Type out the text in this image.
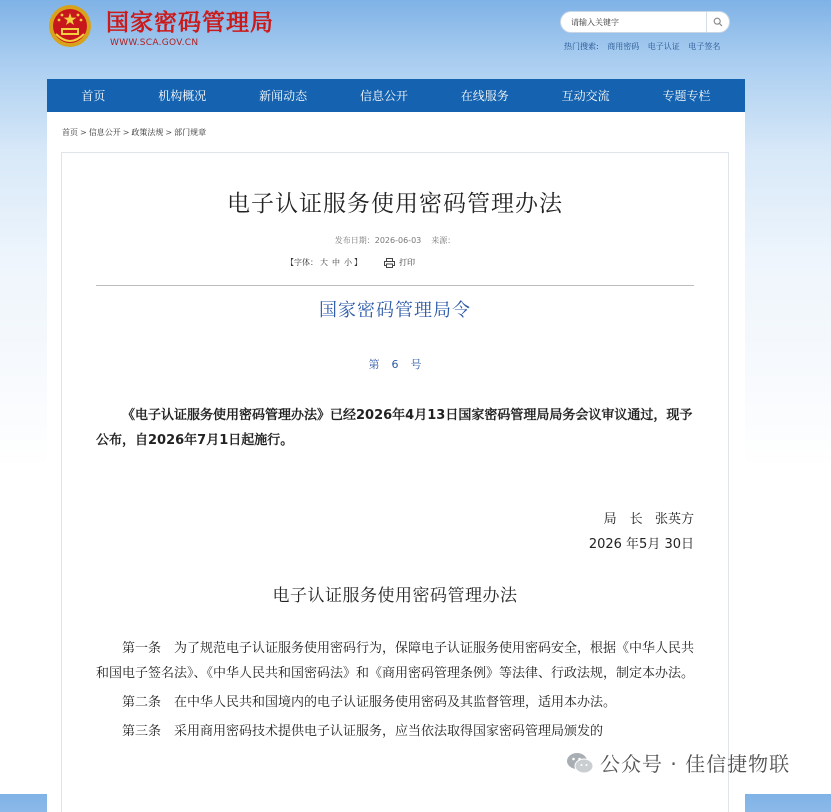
国家密码管理局
WWW.SCA.GOV.CN
请输入关键字	热门搜索: 商用密码 电子认证 电子签名
首页	机构概况	新闻动态	信息公开	在线服务	互动交流	专题专栏
首页 > 信息公开 > 政策法规 > 部门规章
电子认证服务使用密码管理办法
发布日期：2026-06-03 来源：
【字体： 大 中 小 】	打印
国家密码管理局令
第 6 号
《电子认证服务使用密码管理办法》已经2026年4月13日国家密码管理局局务会议审议通过，现予公布，自2026年7月1日起施行。
局　长 张英方
2026 年5月 30日
电子认证服务使用密码管理办法

第一条　为了规范电子认证服务使用密码行为，保障电子认证服务使用密码安全，根据《中华人民共和国电子签名法》、《中华人民共和国密码法》和《商用密码管理条例》等法律、行政法规，制定本办法。

第二条　在中华人民共和国境内的电子认证服务使用密码及其监督管理，适用本办法。

第三条　采用商用密码技术提供电子认证服务，应当依法取得国家密码管理局颁发的

公众号 · 佳信捷物联
